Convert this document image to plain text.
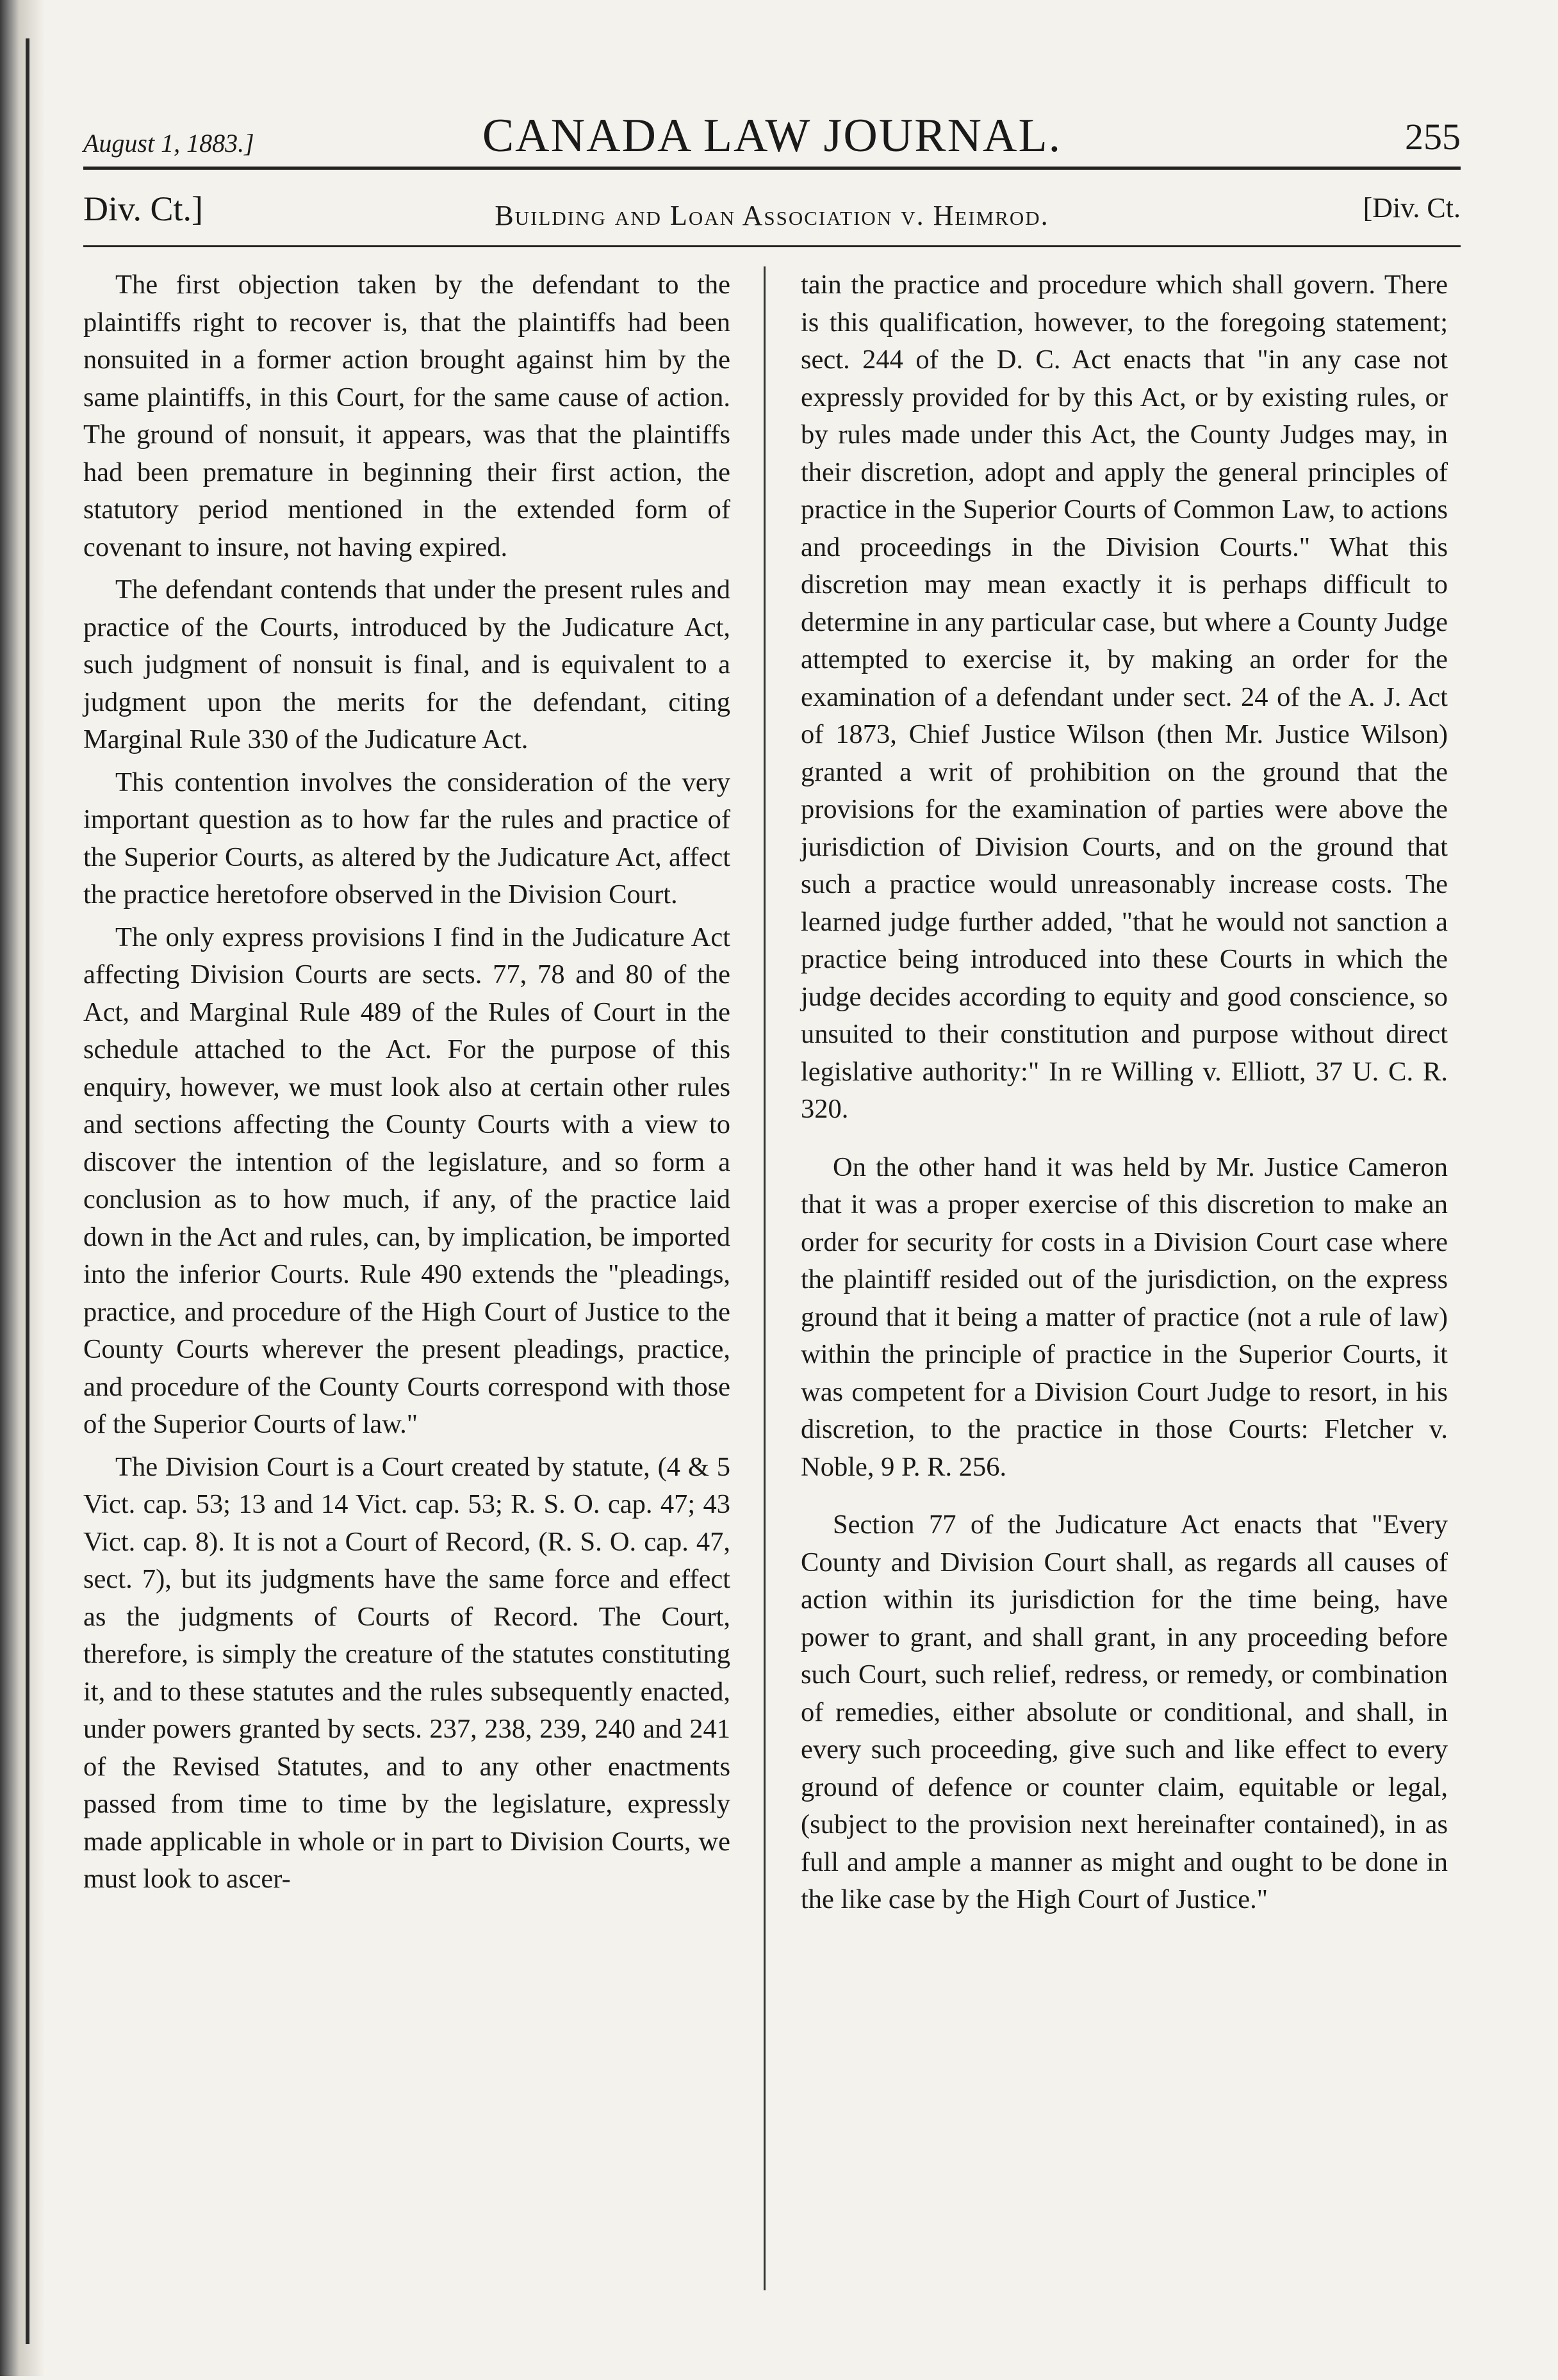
August 1, 1883.]	CANADA LAW JOURNAL.	255
Div. Ct.]	Building and Loan Association v. Heimrod.	[Div. Ct.

The first objection taken by the defendant to the plaintiffs right to recover is, that the plaintiffs had been nonsuited in a former action brought against him by the same plaintiffs, in this Court, for the same cause of action. The ground of nonsuit, it appears, was that the plaintiffs had been premature in beginning their first action, the statutory period mentioned in the extended form of covenant to insure, not having expired.

The defendant contends that under the present rules and practice of the Courts, introduced by the Judicature Act, such judgment of nonsuit is final, and is equivalent to a judgment upon the merits for the defendant, citing Marginal Rule 330 of the Judicature Act.

This contention involves the consideration of the very important question as to how far the rules and practice of the Superior Courts, as altered by the Judicature Act, affect the practice heretofore observed in the Division Court.

The only express provisions I find in the Judicature Act affecting Division Courts are sects. 77, 78 and 80 of the Act, and Marginal Rule 489 of the Rules of Court in the schedule attached to the Act. For the purpose of this enquiry, however, we must look also at certain other rules and sections affecting the County Courts with a view to discover the intention of the legislature, and so form a conclusion as to how much, if any, of the practice laid down in the Act and rules, can, by implication, be imported into the inferior Courts. Rule 490 extends the "pleadings, practice, and procedure of the High Court of Justice to the County Courts wherever the present pleadings, practice, and procedure of the County Courts correspond with those of the Superior Courts of law."

The Division Court is a Court created by statute, (4 & 5 Vict. cap. 53; 13 and 14 Vict. cap. 53; R. S. O. cap. 47; 43 Vict. cap. 8). It is not a Court of Record, (R. S. O. cap. 47, sect. 7), but its judgments have the same force and effect as the judgments of Courts of Record. The Court, therefore, is simply the creature of the statutes constituting it, and to these statutes and the rules subsequently enacted, under powers granted by sects. 237, 238, 239, 240 and 241 of the Revised Statutes, and to any other enactments passed from time to time by the legislature, expressly made applicable in whole or in part to Division Courts, we must look to ascer-

tain the practice and procedure which shall govern. There is this qualification, however, to the foregoing statement; sect. 244 of the D. C. Act enacts that "in any case not expressly provided for by this Act, or by existing rules, or by rules made under this Act, the County Judges may, in their discretion, adopt and apply the general principles of practice in the Superior Courts of Common Law, to actions and proceedings in the Division Courts." What this discretion may mean exactly it is perhaps difficult to determine in any particular case, but where a County Judge attempted to exercise it, by making an order for the examination of a defendant under sect. 24 of the A. J. Act of 1873, Chief Justice Wilson (then Mr. Justice Wilson) granted a writ of prohibition on the ground that the provisions for the examination of parties were above the jurisdiction of Division Courts, and on the ground that such a practice would unreasonably increase costs. The learned judge further added, "that he would not sanction a practice being introduced into these Courts in which the judge decides according to equity and good conscience, so unsuited to their constitution and purpose without direct legislative authority:" In re Willing v. Elliott, 37 U. C. R. 320.

On the other hand it was held by Mr. Justice Cameron that it was a proper exercise of this discretion to make an order for security for costs in a Division Court case where the plaintiff resided out of the jurisdiction, on the express ground that it being a matter of practice (not a rule of law) within the principle of practice in the Superior Courts, it was competent for a Division Court Judge to resort, in his discretion, to the practice in those Courts: Fletcher v. Noble, 9 P. R. 256.

Section 77 of the Judicature Act enacts that "Every County and Division Court shall, as regards all causes of action within its jurisdiction for the time being, have power to grant, and shall grant, in any proceeding before such Court, such relief, redress, or remedy, or combination of remedies, either absolute or conditional, and shall, in every such proceeding, give such and like effect to every ground of defence or counter claim, equitable or legal, (subject to the provision next hereinafter contained), in as full and ample a manner as might and ought to be done in the like case by the High Court of Justice."
